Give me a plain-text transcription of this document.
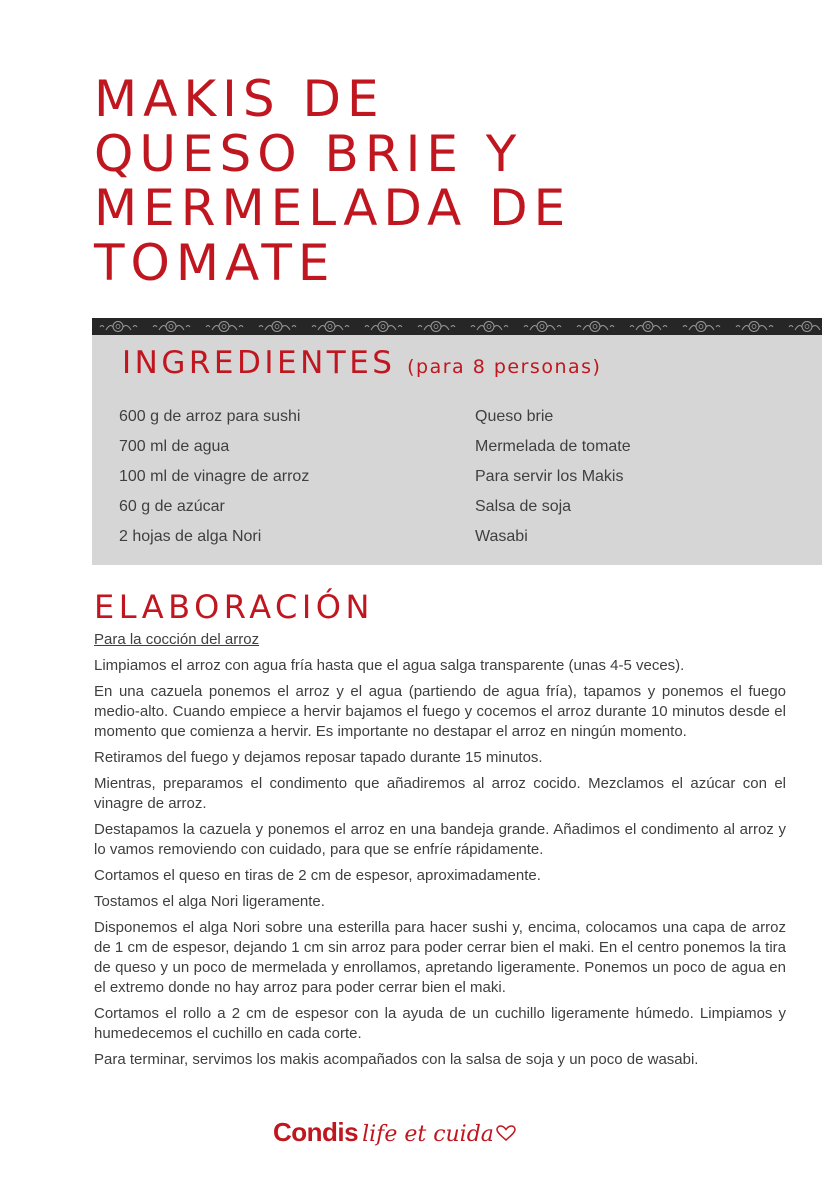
MAKIS DE
QUESO BRIE Y
MERMELADA DE
TOMATE
INGREDIENTES (para 8 personas)
600 g de arroz para sushi
700 ml de agua
100 ml de vinagre de arroz
60 g de azúcar
2 hojas de alga Nori
Queso brie
Mermelada de tomate
Para servir los Makis
Salsa de soja
Wasabi
ELABORACIÓN
Para la cocción del arroz

Limpiamos el arroz con agua fría hasta que el agua salga transparente (unas 4-5 veces).

En una cazuela ponemos el arroz y el agua (partiendo de agua fría), tapamos y ponemos el fuego medio-alto. Cuando empiece a hervir bajamos el fuego y cocemos el arroz durante 10 minutos desde el momento que comienza a hervir. Es importante no destapar el arroz en ningún momento.

Retiramos del fuego y dejamos reposar tapado durante 15 minutos.

Mientras, preparamos el condimento que añadiremos al arroz cocido. Mezclamos el azúcar con el vinagre de arroz.

Destapamos la cazuela y ponemos el arroz en una bandeja grande. Añadimos el condimento al arroz y lo vamos removiendo con cuidado, para que se enfríe rápidamente.

Cortamos el queso en tiras de 2 cm de espesor, aproximadamente.

Tostamos el alga Nori ligeramente.

Disponemos el alga Nori sobre una esterilla para hacer sushi y, encima, colocamos una capa de arroz de 1 cm de espesor, dejando 1 cm sin arroz para poder cerrar bien el maki. En el centro ponemos la tira de queso y un poco de mermelada y enrollamos, apretando ligeramente. Ponemos un poco de agua en el extremo donde no hay arroz para poder cerrar bien el maki.

Cortamos el rollo a 2 cm de espesor con la ayuda de un cuchillo ligeramente húmedo. Limpiamos y humedecemos el cuchillo en cada corte.

Para terminar, servimos los makis acompañados con la salsa de soja y un poco de wasabi.

Condis life et cuida
